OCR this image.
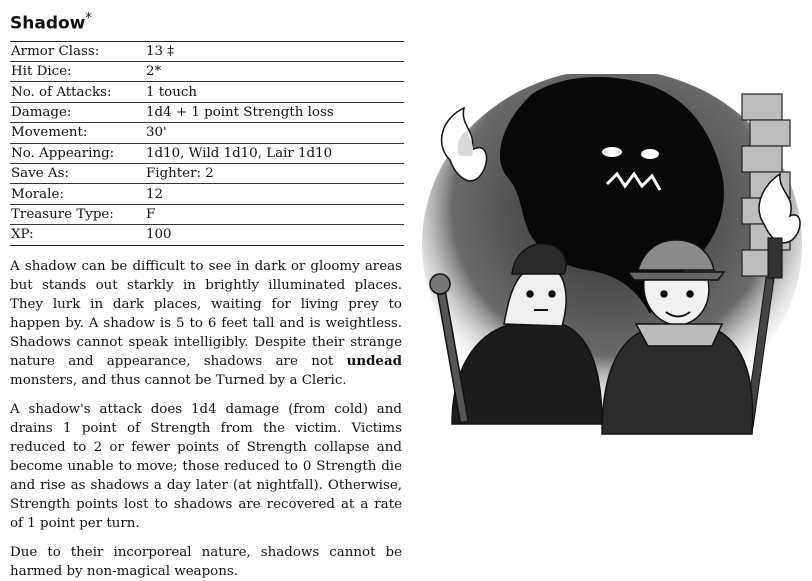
Shadow*
Armor Class:	13 ‡
Hit Dice:	2*
No. of Attacks:	1 touch
Damage:	1d4 + 1 point Strength loss
Movement:	30'
No. Appearing:	1d10, Wild 1d10, Lair 1d10
Save As:	Fighter: 2
Morale:	12
Treasure Type:	F
XP:	100

A shadow can be difficult to see in dark or gloomy areas but stands out starkly in brightly illuminated places. They lurk in dark places, waiting for living prey to happen by. A shadow is 5 to 6 feet tall and is weightless. Shadows cannot speak intelligibly. Despite their strange nature and appearance, shadows are not undead monsters, and thus cannot be Turned by a Cleric.

A shadow's attack does 1d4 damage (from cold) and drains 1 point of Strength from the victim. Victims reduced to 2 or fewer points of Strength collapse and become unable to move; those reduced to 0 Strength die and rise as shadows a day later (at nightfall). Otherwise, Strength points lost to shadows are recovered at a rate of 1 point per turn.

Due to their incorporeal nature, shadows cannot be harmed by non-magical weapons.
